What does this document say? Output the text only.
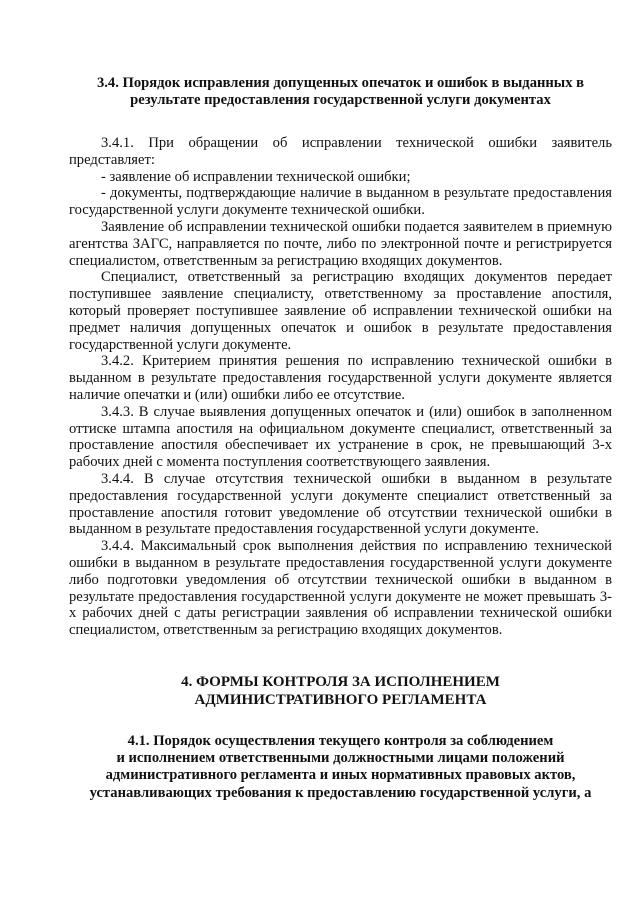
3.4. Порядок исправления допущенных опечаток и ошибок в выданных в
результате предоставления государственной услуги документах

3.4.1. При обращении об исправлении технической ошибки заявитель представляет:

- заявление об исправлении технической ошибки;

- документы, подтверждающие наличие в выданном в результате предоставления государственной услуги документе технической ошибки.

Заявление об исправлении технической ошибки подается заявителем в приемную агентства ЗАГС, направляется по почте, либо по электронной почте и регистрируется специалистом, ответственным за регистрацию входящих документов.

Специалист, ответственный за регистрацию входящих документов передает поступившее заявление специалисту, ответственному за проставление апостиля, который проверяет поступившее заявление об исправлении технической ошибки на предмет наличия допущенных опечаток и ошибок в результате предоставления государственной услуги документе.

3.4.2. Критерием принятия решения по исправлению технической ошибки в выданном в результате предоставления государственной услуги документе является наличие опечатки и (или) ошибки либо ее отсутствие.

3.4.3. В случае выявления допущенных опечаток и (или) ошибок в заполненном оттиске штампа апостиля на официальном документе специалист, ответственный за проставление апостиля обеспечивает их устранение в срок, не превышающий 3-х рабочих дней с момента поступления соответствующего заявления.

3.4.4. В случае отсутствия технической ошибки в выданном в результате предоставления государственной услуги документе специалист ответственный за проставление апостиля готовит уведомление об отсутствии технической ошибки в выданном в результате предоставления государственной услуги документе.

3.4.4. Максимальный срок выполнения действия по исправлению технической ошибки в выданном в результате предоставления государственной услуги документе либо подготовки уведомления об отсутствии технической ошибки в выданном в результате предоставления государственной услуги документе не может превышать 3-х рабочих дней с даты регистрации заявления об исправлении технической ошибки специалистом, ответственным за регистрацию входящих документов.

4. ФОРМЫ КОНТРОЛЯ ЗА ИСПОЛНЕНИЕМ
АДМИНИСТРАТИВНОГО РЕГЛАМЕНТА
4.1. Порядок осуществления текущего контроля за соблюдением
и исполнением ответственными должностными лицами положений
административного регламента и иных нормативных правовых актов,
устанавливающих требования к предоставлению государственной услуги, а
